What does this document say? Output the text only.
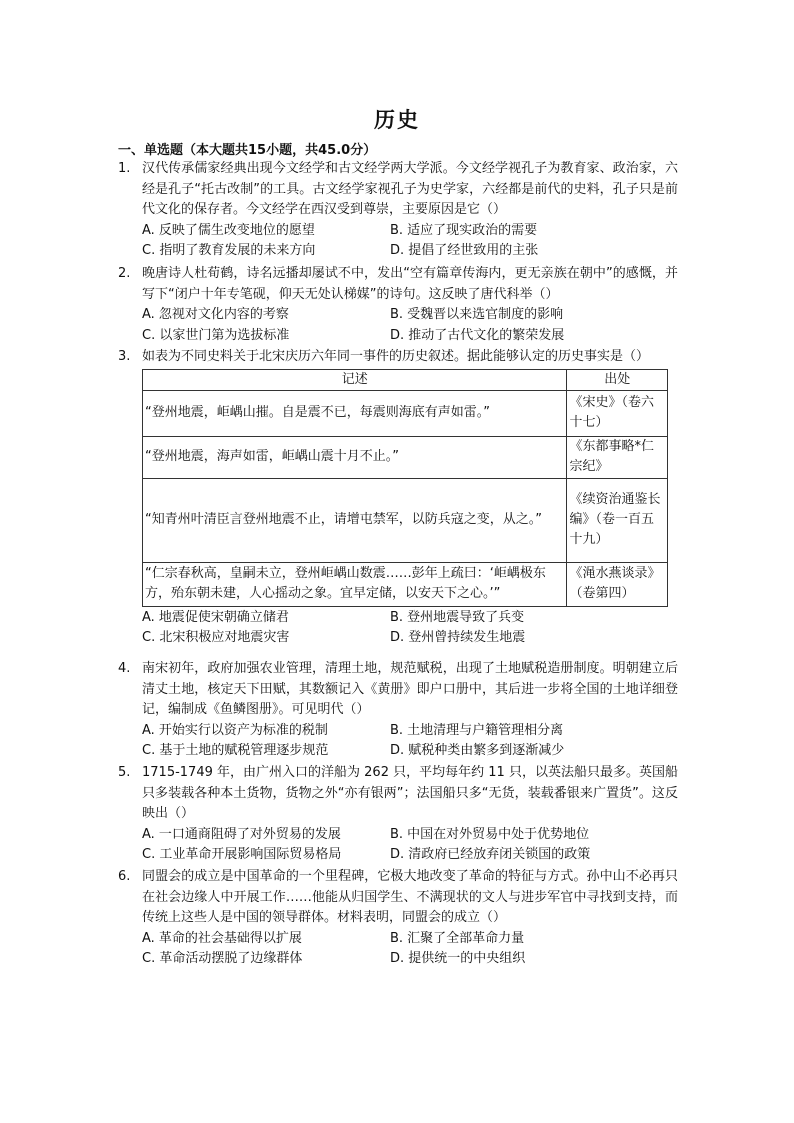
历史
一、单选题（本大题共15小题，共45.0分）
1. 汉代传承儒家经典出现今文经学和古文经学两大学派。今文经学视孔子为教育家、政治家，六经是孔子“托古改制”的工具。古文经学家视孔子为史学家，六经都是前代的史料，孔子只是前代文化的保存者。今文经学在西汉受到尊崇，主要原因是它（）
A. 反映了儒生改变地位的愿望	B. 适应了现实政治的需要
C. 指明了教育发展的未来方向	D. 提倡了经世致用的主张
2. 晚唐诗人杜荀鹤，诗名远播却屡试不中，发出“空有篇章传海内，更无亲族在朝中”的感慨，并写下“闭户十年专笔砚，仰天无处认梯媒”的诗句。这反映了唐代科举（）
A. 忽视对文化内容的考察	B. 受魏晋以来选官制度的影响
C. 以家世门第为选拔标准	D. 推动了古代文化的繁荣发展
3. 如表为不同史料关于北宋庆历六年同一事件的历史叙述。据此能够认定的历史事实是（）
记述	出处
“登州地震，岠嵎山摧。自是震不已，每震则海底有声如雷。”	《宋史》（卷六十七）
“登州地震，海声如雷，岠嵎山震十月不止。”	《东都事略*仁宗纪》
“知青州叶清臣言登州地震不止，请增屯禁军，以防兵寇之变，从之。”	《续资治通鉴长编》（卷一百五十九）
“仁宗春秋高，皇嗣未立，登州岠嵎山数震……彭年上疏曰：‘岠嵎极东方，殆东朝未建，人心摇动之象。宜早定储，以安天下之心。’”	《渑水燕谈录》（卷第四）
A. 地震促使宋朝确立储君	B. 登州地震导致了兵变
C. 北宋积极应对地震灾害	D. 登州曾持续发生地震
4. 南宋初年，政府加强农业管理，清理土地，规范赋税，出现了土地赋税造册制度。明朝建立后清丈土地，核定天下田赋，其数额记入《黄册》即户口册中，其后进一步将全国的土地详细登记，编制成《鱼鳞图册》。可见明代（）
A. 开始实行以资产为标准的税制	B. 土地清理与户籍管理相分离
C. 基于土地的赋税管理逐步规范	D. 赋税种类由繁多到逐渐减少
5. 1715-1749 年，由广州入口的洋船为 262 只，平均每年约 11 只，以英法船只最多。英国船只多装载各种本土货物，货物之外“亦有银两”；法国船只多“无货，装载番银来广置货”。这反映出（）
A. 一口通商阻碍了对外贸易的发展	B. 中国在对外贸易中处于优势地位
C. 工业革命开展影响国际贸易格局	D. 清政府已经放弃闭关锁国的政策
6. 同盟会的成立是中国革命的一个里程碑，它极大地改变了革命的特征与方式。孙中山不必再只在社会边缘人中开展工作……他能从归国学生、不满现状的文人与进步军官中寻找到支持，而传统上这些人是中国的领导群体。材料表明，同盟会的成立（）
A. 革命的社会基础得以扩展	B. 汇聚了全部革命力量
C. 革命活动摆脱了边缘群体	D. 提供统一的中央组织
